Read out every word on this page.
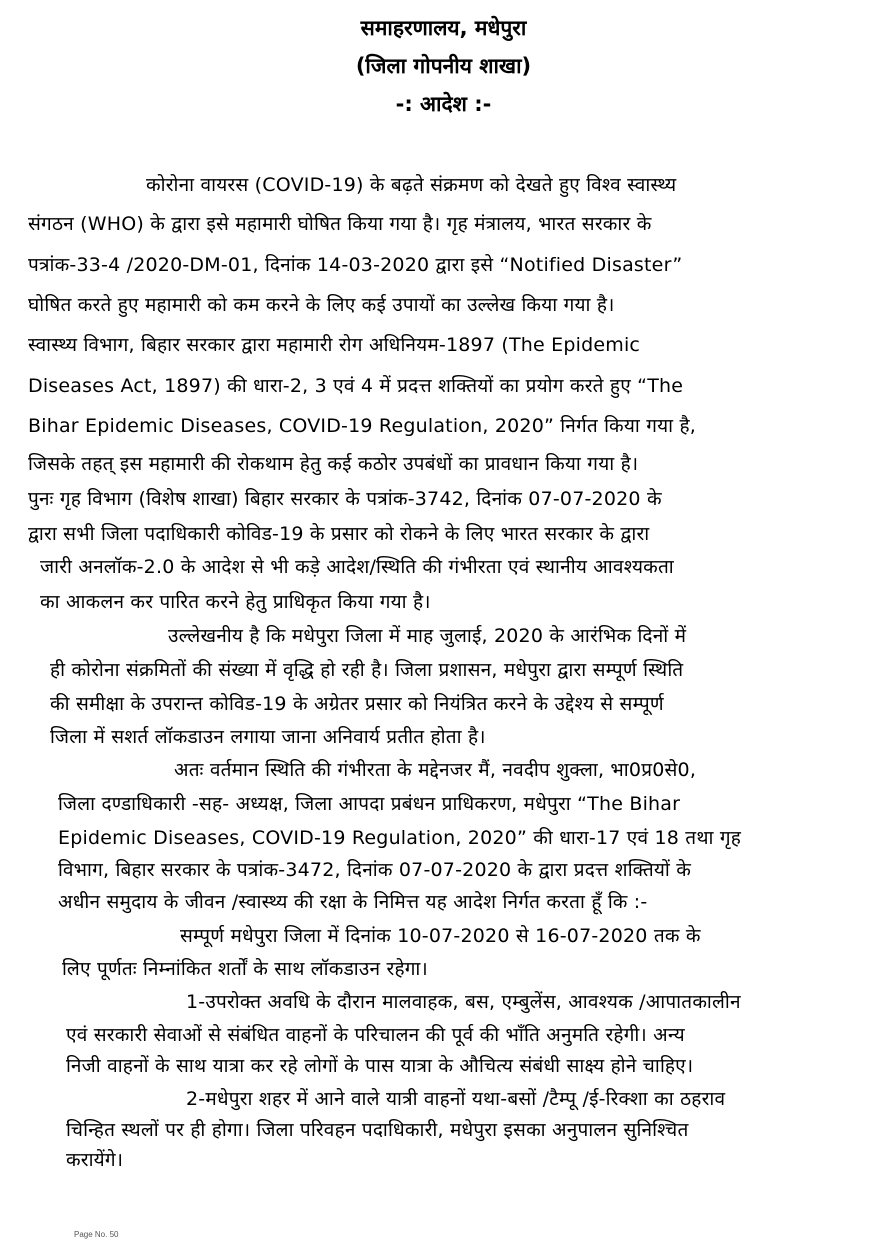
समाहरणालय, मधेपुरा
(जिला गोपनीय शाखा)
-: आदेश :-
कोरोना वायरस (COVID-19) के बढ़ते संक्रमण को देखते हुए विश्व स्वास्थ्य
संगठन (WHO) के द्वारा इसे महामारी घोषित किया गया है। गृह मंत्रालय, भारत सरकार के
पत्रांक-33-4 /2020-DM-01, दिनांक 14-03-2020 द्वारा इसे “Notified Disaster”
घोषित करते हुए महामारी को कम करने के लिए कई उपायों का उल्लेख किया गया है।
स्वास्थ्य विभाग, बिहार सरकार द्वारा महामारी रोग अधिनियम-1897 (The Epidemic
Diseases Act, 1897) की धारा-2, 3 एवं 4 में प्रदत्त शक्तियों का प्रयोग करते हुए “The
Bihar Epidemic Diseases, COVID-19 Regulation, 2020” निर्गत किया गया है,
जिसके तहत् इस महामारी की रोकथाम हेतु कई कठोर उपबंधों का प्रावधान किया गया है।
पुनः गृह विभाग (विशेष शाखा) बिहार सरकार के पत्रांक-3742, दिनांक 07-07-2020 के
द्वारा सभी जिला पदाधिकारी कोविड-19 के प्रसार को रोकने के लिए भारत सरकार के द्वारा
जारी अनलॉक-2.0 के आदेश से भी कड़े आदेश/स्थिति की गंभीरता एवं स्थानीय आवश्यकता
का आकलन कर पारित करने हेतु प्राधिकृत किया गया है।
उल्लेखनीय है कि मधेपुरा जिला में माह जुलाई, 2020 के आरंभिक दिनों में
ही कोरोना संक्रमितों की संख्या में वृद्धि हो रही है। जिला प्रशासन, मधेपुरा द्वारा सम्पूर्ण स्थिति
की समीक्षा के उपरान्त कोविड-19 के अग्रेतर प्रसार को नियंत्रित करने के उद्देश्य से सम्पूर्ण
जिला में सशर्त लॉकडाउन लगाया जाना अनिवार्य प्रतीत होता है।
अतः वर्तमान स्थिति की गंभीरता के मद्देनजर मैं, नवदीप शुक्ला, भा0प्र0से0,
जिला दण्डाधिकारी -सह- अध्यक्ष, जिला आपदा प्रबंधन प्राधिकरण, मधेपुरा “The Bihar
Epidemic Diseases, COVID-19 Regulation, 2020” की धारा-17 एवं 18 तथा गृह
विभाग, बिहार सरकार के पत्रांक-3472, दिनांक 07-07-2020 के द्वारा प्रदत्त शक्तियों के
अधीन समुदाय के जीवन /स्वास्थ्य की रक्षा के निमित्त यह आदेश निर्गत करता हूँ कि :-
सम्पूर्ण मधेपुरा जिला में दिनांक 10-07-2020 से 16-07-2020 तक के
लिए पूर्णतः निम्नांकित शर्तों के साथ लॉकडाउन रहेगा।
1-उपरोक्त अवधि के दौरान मालवाहक, बस, एम्बुलेंस, आवश्यक /आपातकालीन
एवं सरकारी सेवाओं से संबंधित वाहनों के परिचालन की पूर्व की भाँति अनुमति रहेगी। अन्य
निजी वाहनों के साथ यात्रा कर रहे लोगों के पास यात्रा के औचित्य संबंधी साक्ष्य होने चाहिए।
2-मधेपुरा शहर में आने वाले यात्री वाहनों यथा-बसों /टैम्पू /ई-रिक्शा का ठहराव
चिन्हित स्थलों पर ही होगा। जिला परिवहन पदाधिकारी, मधेपुरा इसका अनुपालन सुनिश्चित
करायेंगे।
Page No. 50
